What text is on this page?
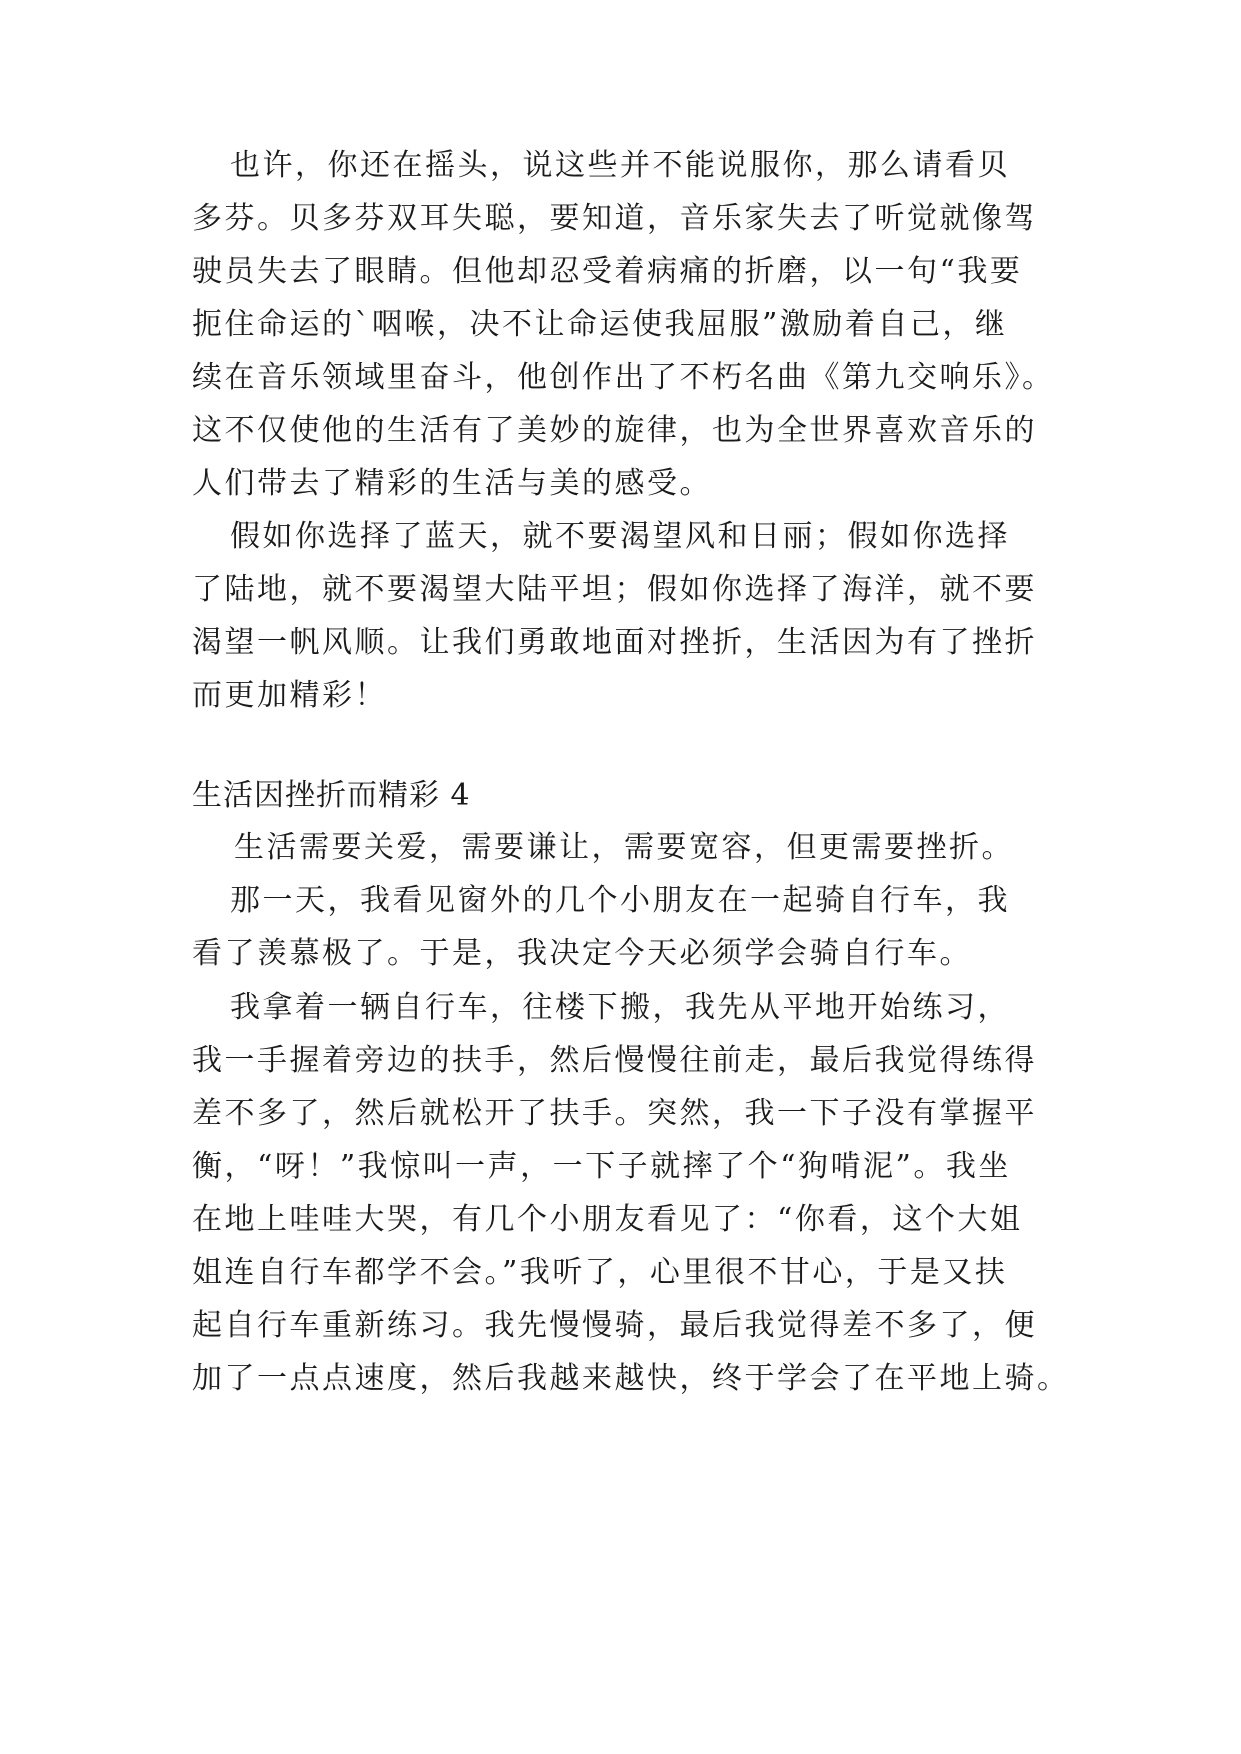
也许，你还在摇头，说这些并不能说服你，那么请看贝
多芬。贝多芬双耳失聪，要知道，音乐家失去了听觉就像驾
驶员失去了眼睛。但他却忍受着病痛的折磨，以一句“我要
扼住命运的`咽喉，决不让命运使我屈服”激励着自己，继
续在音乐领域里奋斗，他创作出了不朽名曲《第九交响乐》。
这不仅使他的生活有了美妙的旋律，也为全世界喜欢音乐的
人们带去了精彩的生活与美的感受。
假如你选择了蓝天，就不要渴望风和日丽；假如你选择
了陆地，就不要渴望大陆平坦；假如你选择了海洋，就不要
渴望一帆风顺。让我们勇敢地面对挫折，生活因为有了挫折
而更加精彩！
生活因挫折而精彩 4
生活需要关爱，需要谦让，需要宽容，但更需要挫折。
那一天，我看见窗外的几个小朋友在一起骑自行车，我
看了羡慕极了。于是，我决定今天必须学会骑自行车。
我拿着一辆自行车，往楼下搬，我先从平地开始练习，
我一手握着旁边的扶手，然后慢慢往前走，最后我觉得练得
差不多了，然后就松开了扶手。突然，我一下子没有掌握平
衡，“呀！”我惊叫一声，一下子就摔了个“狗啃泥”。我坐
在地上哇哇大哭，有几个小朋友看见了：“你看，这个大姐
姐连自行车都学不会。”我听了，心里很不甘心，于是又扶
起自行车重新练习。我先慢慢骑，最后我觉得差不多了，便
加了一点点速度，然后我越来越快，终于学会了在平地上骑。
